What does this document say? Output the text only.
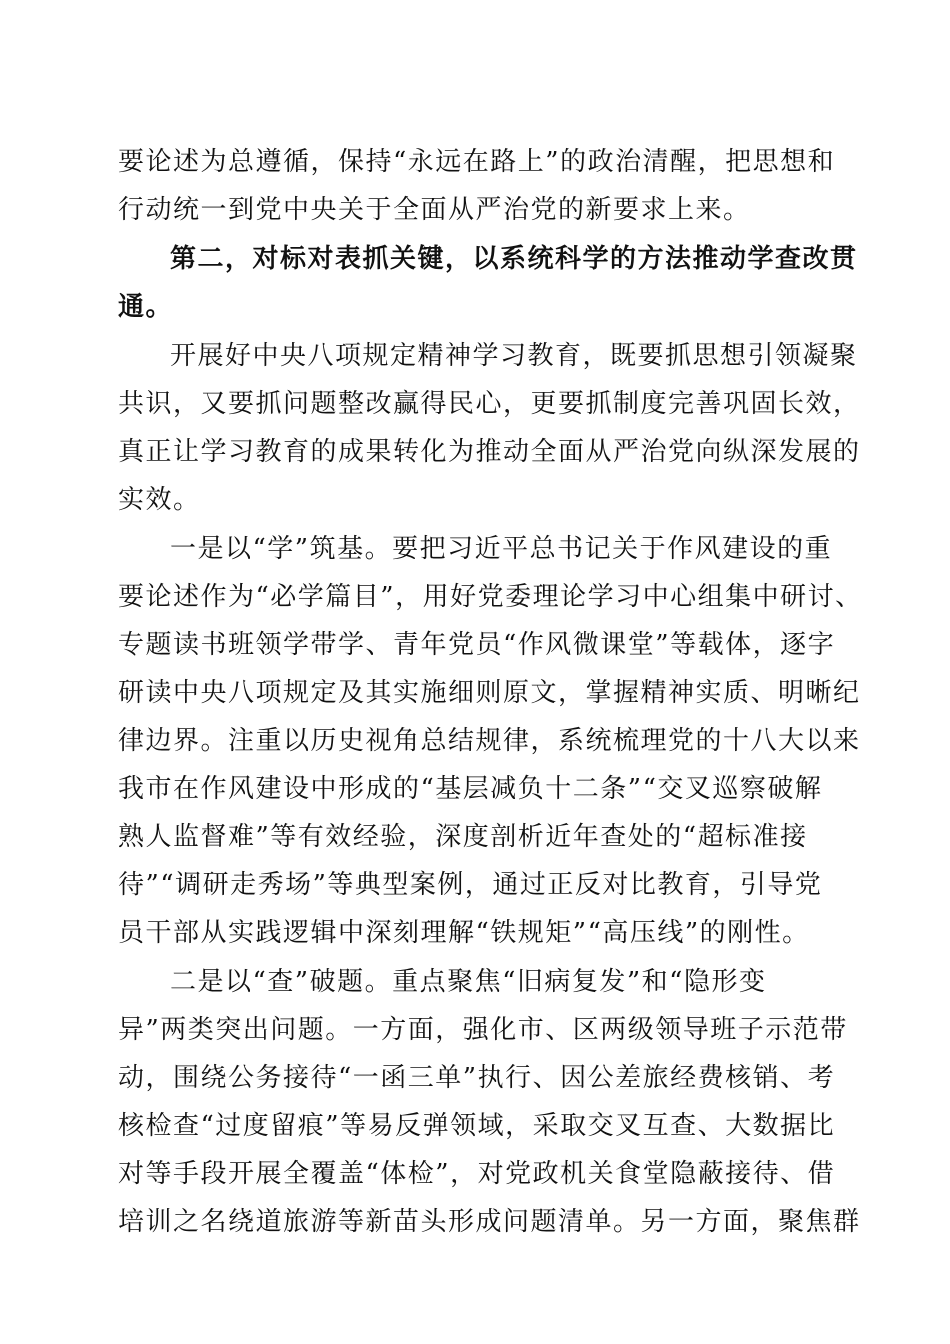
要论述为总遵循，保持“永远在路上”的政治清醒，把思想和
行动统一到党中央关于全面从严治党的新要求上来。
第二，对标对表抓关键，以系统科学的方法推动学查改贯
通。
开展好中央八项规定精神学习教育，既要抓思想引领凝聚
共识，又要抓问题整改赢得民心，更要抓制度完善巩固长效，
真正让学习教育的成果转化为推动全面从严治党向纵深发展的
实效。
一是以“学”筑基。要把习近平总书记关于作风建设的重
要论述作为“必学篇目”，用好党委理论学习中心组集中研讨、
专题读书班领学带学、青年党员“作风微课堂”等载体，逐字
研读中央八项规定及其实施细则原文，掌握精神实质、明晰纪
律边界。注重以历史视角总结规律，系统梳理党的十八大以来
我市在作风建设中形成的“基层减负十二条”“交叉巡察破解
熟人监督难”等有效经验，深度剖析近年查处的“超标准接
待”“调研走秀场”等典型案例，通过正反对比教育，引导党
员干部从实践逻辑中深刻理解“铁规矩”“高压线”的刚性。
二是以“查”破题。重点聚焦“旧病复发”和“隐形变
异”两类突出问题。一方面，强化市、区两级领导班子示范带
动，围绕公务接待“一函三单”执行、因公差旅经费核销、考
核检查“过度留痕”等易反弹领域，采取交叉互查、大数据比
对等手段开展全覆盖“体检”，对党政机关食堂隐蔽接待、借
培训之名绕道旅游等新苗头形成问题清单。另一方面，聚焦群
